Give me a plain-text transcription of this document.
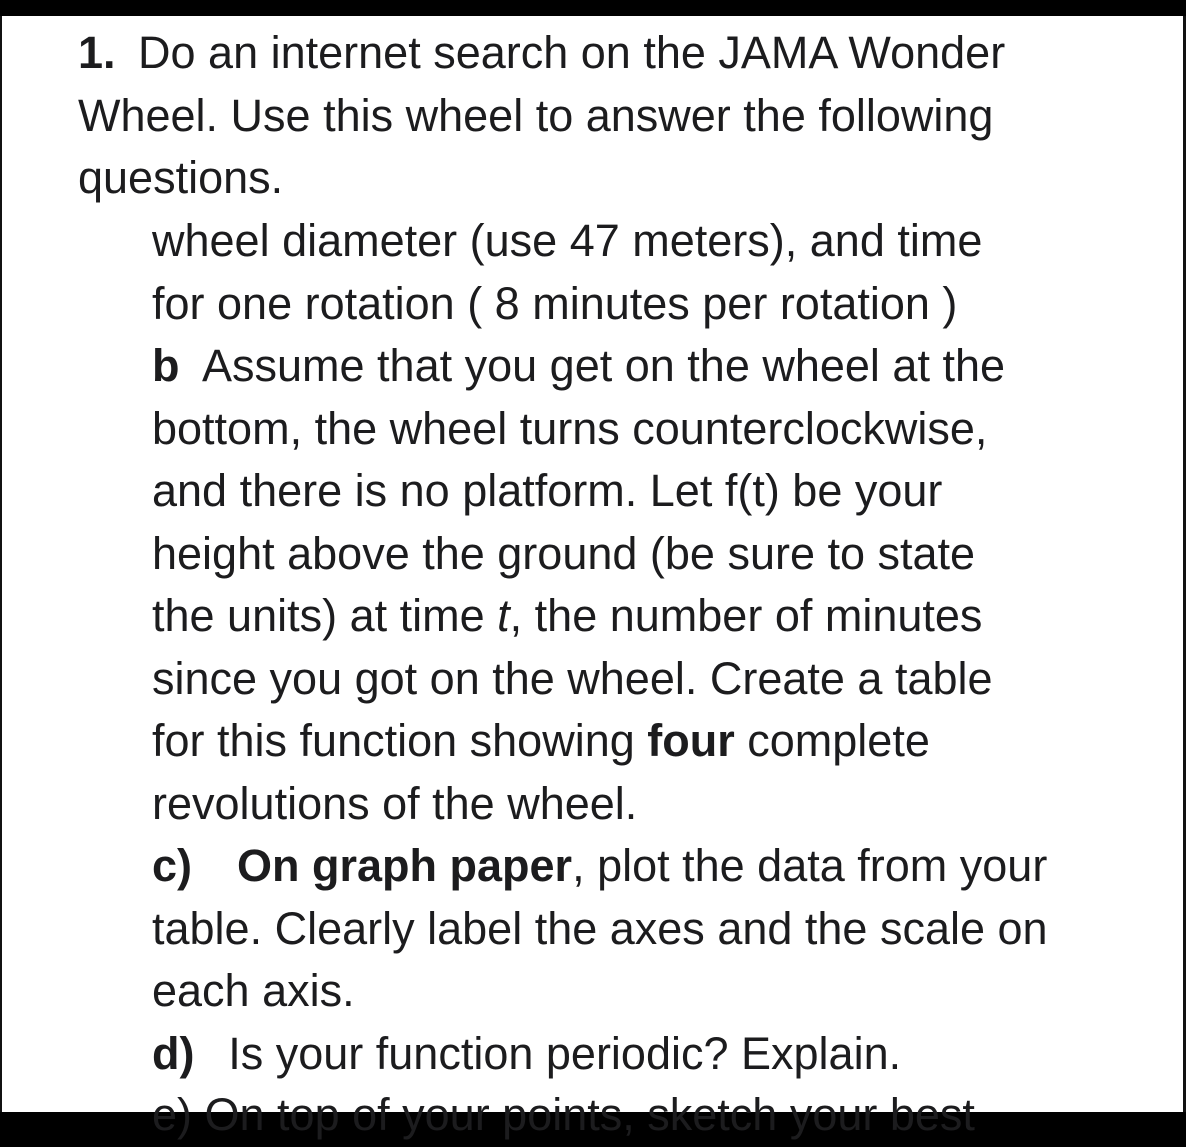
1.  Do an internet search on the JAMA Wonder
Wheel. Use this wheel to answer the following
questions.
wheel diameter (use 47 meters), and time
for one rotation ( 8 minutes per rotation )
b  Assume that you get on the wheel at the
bottom, the wheel turns counterclockwise,
and there is no platform. Let f(t) be your
height above the ground (be sure to state
the units) at time t, the number of minutes
since you got on the wheel. Create a table
for this function showing four complete
revolutions of the wheel.
c)  On graph paper, plot the data from your
table. Clearly label the axes and the scale on
each axis.
d)   Is your function periodic? Explain.
e) On top of your points, sketch your best
